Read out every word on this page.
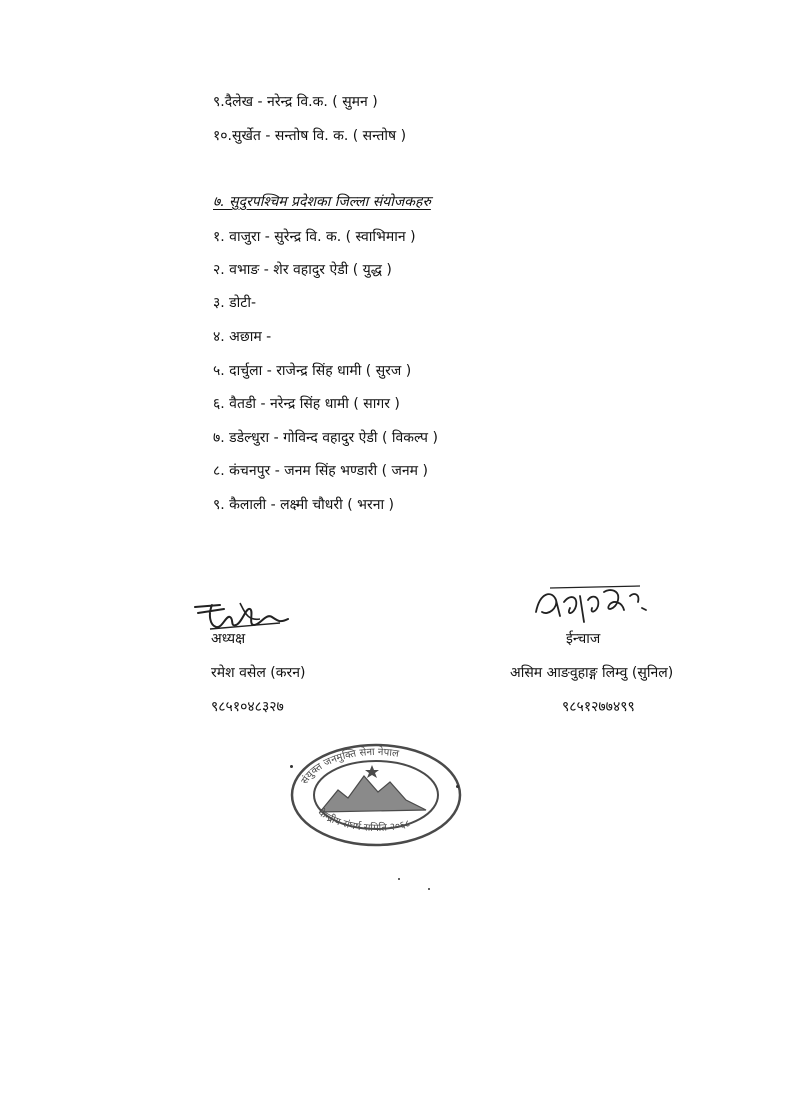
९.दैलेख - नरेन्द्र वि.क. ( सुमन )
१०.सुर्खेत - सन्तोष वि. क. ( सन्तोष )
७. सुदुरपश्चिम प्रदेशका जिल्ला संयोजकहरु
१. वाजुरा - सुरेन्द्र वि. क. ( स्वाभिमान )
२. वभाङ - शेर वहादुर ऐडी ( युद्ध )
३. डोटी-
४. अछाम -
५. दार्चुला - राजेन्द्र सिंह धामी ( सुरज )
६. वैतडी - नरेन्द्र सिंह धामी ( सागर )
७. डडेल्धुरा - गोविन्द वहादुर ऐडी ( विकल्प )
८. कंचनपुर - जनम सिंह भण्डारी ( जनम )
९. कैलाली - लक्ष्मी चौधरी ( भरना )
अध्यक्ष
रमेश वसेल (करन)
९८५१०४८३२७
ईन्चाज
असिम आङवुहाङ्ग लिम्वु (सुनिल)
९८५१२७७४९९
संयुक्त जनमुक्ति सेना नेपाल
केन्द्रीय संघर्ष समिति २०६८
